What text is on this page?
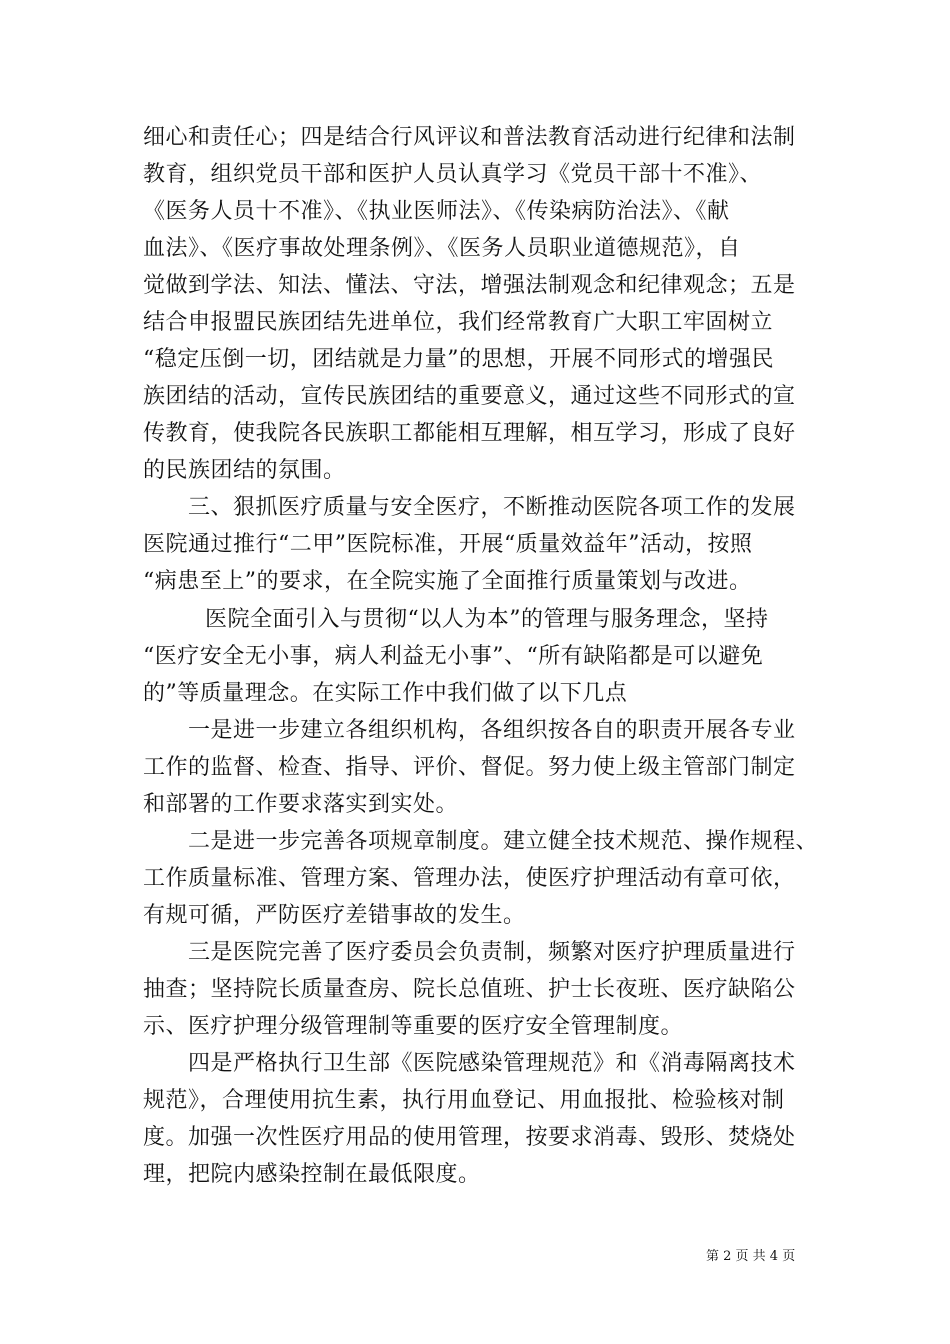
细心和责任心；四是结合行风评议和普法教育活动进行纪律和法制
教育，组织党员干部和医护人员认真学习《党员干部十不准》、
《医务人员十不准》、《执业医师法》、《传染病防治法》、《献
血法》、《医疗事故处理条例》、《医务人员职业道德规范》，自
觉做到学法、知法、懂法、守法，增强法制观念和纪律观念；五是
结合申报盟民族团结先进单位，我们经常教育广大职工牢固树立
“稳定压倒一切，团结就是力量”的思想，开展不同形式的增强民
族团结的活动，宣传民族团结的重要意义，通过这些不同形式的宣
传教育，使我院各民族职工都能相互理解，相互学习，形成了良好
的民族团结的氛围。
三、狠抓医疗质量与安全医疗，不断推动医院各项工作的发展
医院通过推行“二甲”医院标准，开展“质量效益年”活动，按照
“病患至上”的要求，在全院实施了全面推行质量策划与改进。
医院全面引入与贯彻“以人为本”的管理与服务理念，坚持
“医疗安全无小事，病人利益无小事”、“所有缺陷都是可以避免
的”等质量理念。在实际工作中我们做了以下几点
一是进一步建立各组织机构，各组织按各自的职责开展各专业
工作的监督、检查、指导、评价、督促。努力使上级主管部门制定
和部署的工作要求落实到实处。
二是进一步完善各项规章制度。建立健全技术规范、操作规程、
工作质量标准、管理方案、管理办法，使医疗护理活动有章可依，
有规可循，严防医疗差错事故的发生。
三是医院完善了医疗委员会负责制，频繁对医疗护理质量进行
抽查；坚持院长质量查房、院长总值班、护士长夜班、医疗缺陷公
示、医疗护理分级管理制等重要的医疗安全管理制度。
四是严格执行卫生部《医院感染管理规范》和《消毒隔离技术
规范》，合理使用抗生素，执行用血登记、用血报批、检验核对制
度。加强一次性医疗用品的使用管理，按要求消毒、毁形、焚烧处
理，把院内感染控制在最低限度。
第 2 页 共 4 页
